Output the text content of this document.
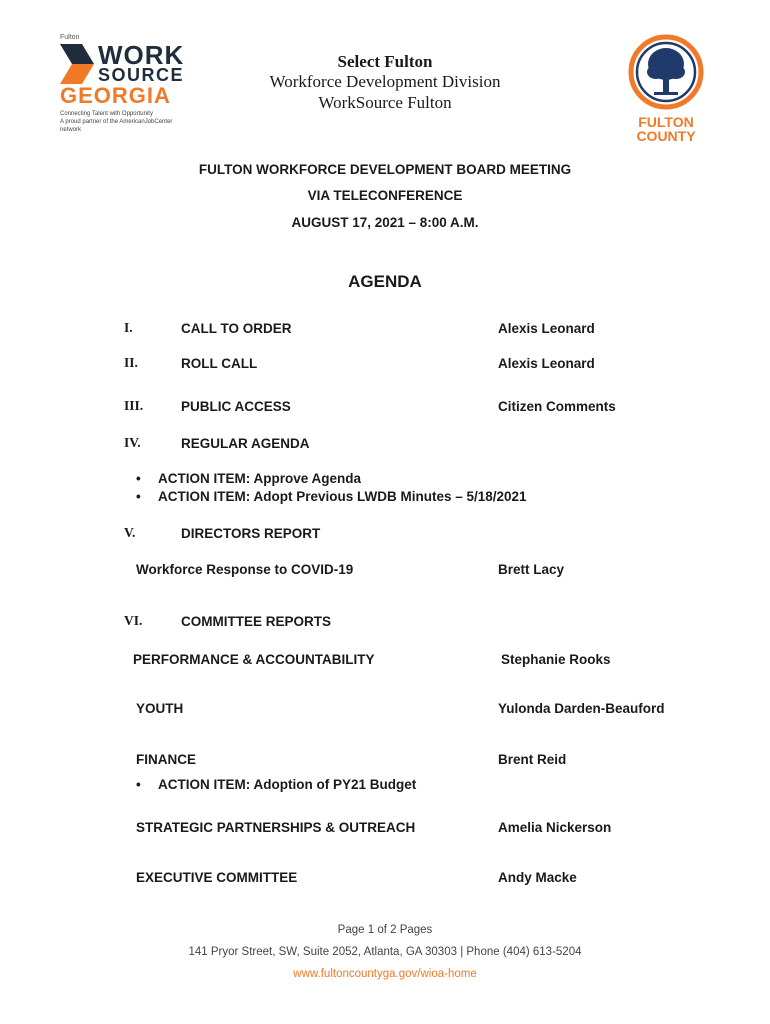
Fulton
WORK
SOURCE
GEORGIA
Connecting Talent with Opportunity
A proud partner of the AmericanJobCenter network
Select Fulton
Workforce Development Division
WorkSource Fulton
FULTON
COUNTY
FULTON WORKFORCE DEVELOPMENT BOARD MEETING
VIA TELECONFERENCE
AUGUST 17, 2021 – 8:00 A.M.
AGENDA
I.	CALL TO ORDER	Alexis Leonard
II.	ROLL CALL	Alexis Leonard
III.	PUBLIC ACCESS	Citizen Comments
IV.	REGULAR AGENDA
• ACTION ITEM: Approve Agenda
• ACTION ITEM: Adopt Previous LWDB Minutes – 5/18/2021
V.	DIRECTORS REPORT
Workforce Response to COVID-19	Brett Lacy
VI.	COMMITTEE REPORTS
PERFORMANCE & ACCOUNTABILITY	Stephanie Rooks
YOUTH	Yulonda Darden-Beauford
FINANCE	Brent Reid
• ACTION ITEM: Adoption of PY21 Budget
STRATEGIC PARTNERSHIPS & OUTREACH	Amelia Nickerson
EXECUTIVE COMMITTEE	Andy Macke
Page 1 of 2 Pages
141 Pryor Street, SW, Suite 2052, Atlanta, GA 30303 | Phone (404) 613-5204
www.fultoncountyga.gov/wioa-home
